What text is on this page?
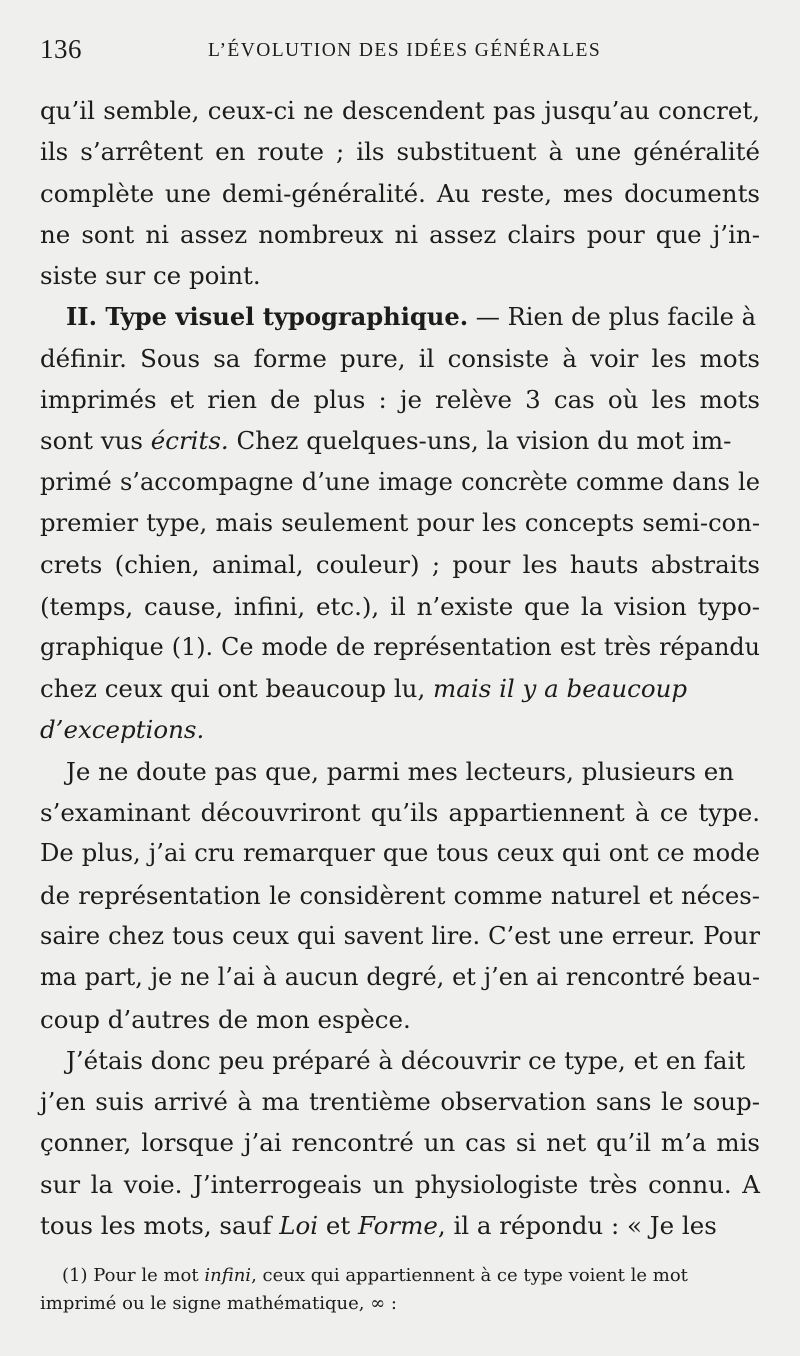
136	L’ÉVOLUTION DES IDÉES GÉNÉRALES
qu’il semble, ceux-ci ne descendent pas jusqu’au concret,
ils s’arrêtent en route ; ils substituent à une généralité
complète une demi-généralité. Au reste, mes documents
ne sont ni assez nombreux ni assez clairs pour que j’in-
siste sur ce point.
II. Type visuel typographique. — Rien de plus facile à
définir. Sous sa forme pure, il consiste à voir les mots
imprimés et rien de plus : je relève 3 cas où les mots
sont vus écrits. Chez quelques-uns, la vision du mot im-
primé s’accompagne d’une image concrète comme dans le
premier type, mais seulement pour les concepts semi-con-
crets (chien, animal, couleur) ; pour les hauts abstraits
(temps, cause, infini, etc.), il n’existe que la vision typo-
graphique (1). Ce mode de représentation est très répandu
chez ceux qui ont beaucoup lu, mais il y a beaucoup
d’exceptions.
Je ne doute pas que, parmi mes lecteurs, plusieurs en
s’examinant découvriront qu’ils appartiennent à ce type.
De plus, j’ai cru remarquer que tous ceux qui ont ce mode
de représentation le considèrent comme naturel et néces-
saire chez tous ceux qui savent lire. C’est une erreur. Pour
ma part, je ne l’ai à aucun degré, et j’en ai rencontré beau-
coup d’autres de mon espèce.
J’étais donc peu préparé à découvrir ce type, et en fait
j’en suis arrivé à ma trentième observation sans le soup-
çonner, lorsque j’ai rencontré un cas si net qu’il m’a mis
sur la voie. J’interrogeais un physiologiste très connu. A
tous les mots, sauf Loi et Forme, il a répondu : « Je les
(1) Pour le mot infini, ceux qui appartiennent à ce type voient le mot
imprimé ou le signe mathématique, ∞ :
